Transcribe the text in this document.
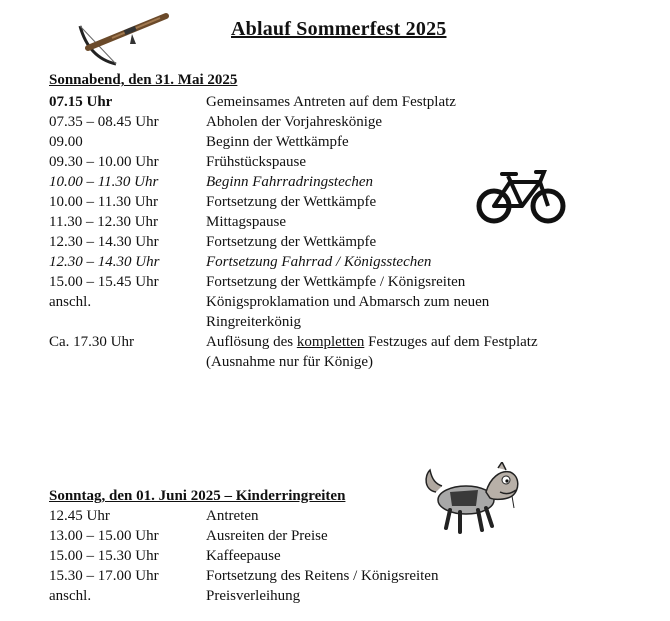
Ablauf Sommerfest 2025
Sonnabend, den 31. Mai 2025
07.15 Uhr	Gemeinsames Antreten auf dem Festplatz
07.35 – 08.45 Uhr	Abholen der Vorjahreskönige
09.00	Beginn der Wettkämpfe
09.30 – 10.00 Uhr	Frühstückspause
10.00 – 11.30 Uhr	Beginn Fahrradringstechen
10.00 – 11.30 Uhr	Fortsetzung der Wettkämpfe
11.30 – 12.30 Uhr	Mittagspause
12.30 – 14.30 Uhr	Fortsetzung der Wettkämpfe
12.30 – 14.30 Uhr	Fortsetzung Fahrrad / Königsstechen
15.00 – 15.45 Uhr	Fortsetzung der Wettkämpfe / Königsreiten
anschl.	Königsproklamation und Abmarsch zum neuen
Ringreiterkönig
Ca. 17.30 Uhr	Auflösung des kompletten Festzuges auf dem Festplatz
(Ausnahme nur für Könige)
Sonntag, den 01. Juni 2025 – Kinderringreiten
12.45 Uhr	Antreten
13.00 – 15.00 Uhr	Ausreiten der Preise
15.00 – 15.30 Uhr	Kaffeepause
15.30 – 17.00 Uhr	Fortsetzung des Reitens / Königsreiten
anschl.	Preisverleihung
